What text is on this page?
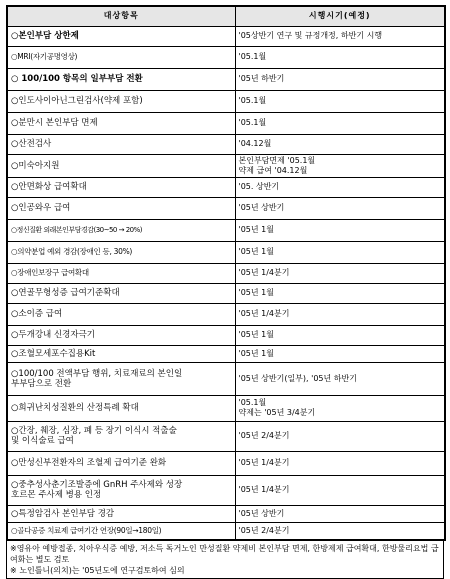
대상항목	시행시기(예정)
○본인부담 상한제	'05상반기 연구 및 규정개정, 하반기 시행
○MRI(자기공명영상)	'05.1월
○ 100/100 항목의 일부부담 전환	'05년 하반기
○인도사이아닌그린검사(약제 포함)	'05.1월
○분만시 본인부담 면제	'05.1월
○산전검사	'04.12월
○미숙아지원	본인부담면제 '05.1월
약제 급여 '04.12월
○안면화상 급여확대	'05. 상반기
○인공와우 급여	'05년 상반기
○정신질환 외래본인부담경감(30~50 → 20%)	'05년 1월
○의약분업 예외 경감(장애인 등, 30%)	'05년 1월
○장애인보장구 급여확대	'05년 1/4분기
○연골무형성증 급여기준확대	'05년 1월
○소이증 급여	'05년 1/4분기
○두개강내 신경자극기	'05년 1월
○조혈모세포수집용Kit	'05년 1월
○100/100 전액부담 행위, 치료재료의 본인일
부부담으로 전환	'05년 상반기(일부), '05년 하반기
○희귀난치성질환의 산정특례 확대	'05.1월
약제는 '05년 3/4분기
○간장, 췌장, 심장, 폐 등 장기 이식시 적출술
및 이식술료 급여	'05년 2/4분기
○만성신부전환자의 조혈제 급여기준 완화	'05년 1/4분기
○중추성사춘기조발증에 GnRH 주사제와 성장
호르몬 주사제 병용 인정	'05년 1/4분기
○특정암검사 본인부담 경감	'05년 상반기
○골다공증 치료제 급여기간 연장(90일→180일)	'05년 2/4분기

※영유아 예방접종, 치아우식증 예방, 저소득 독거노인 만성질환 약제비 본인부담 면제, 한방제제 급여확대, 한방물리요법 급여화는 별도 검토

※ 노인틀니(의치)는 '05년도에 연구검토하여 심의
